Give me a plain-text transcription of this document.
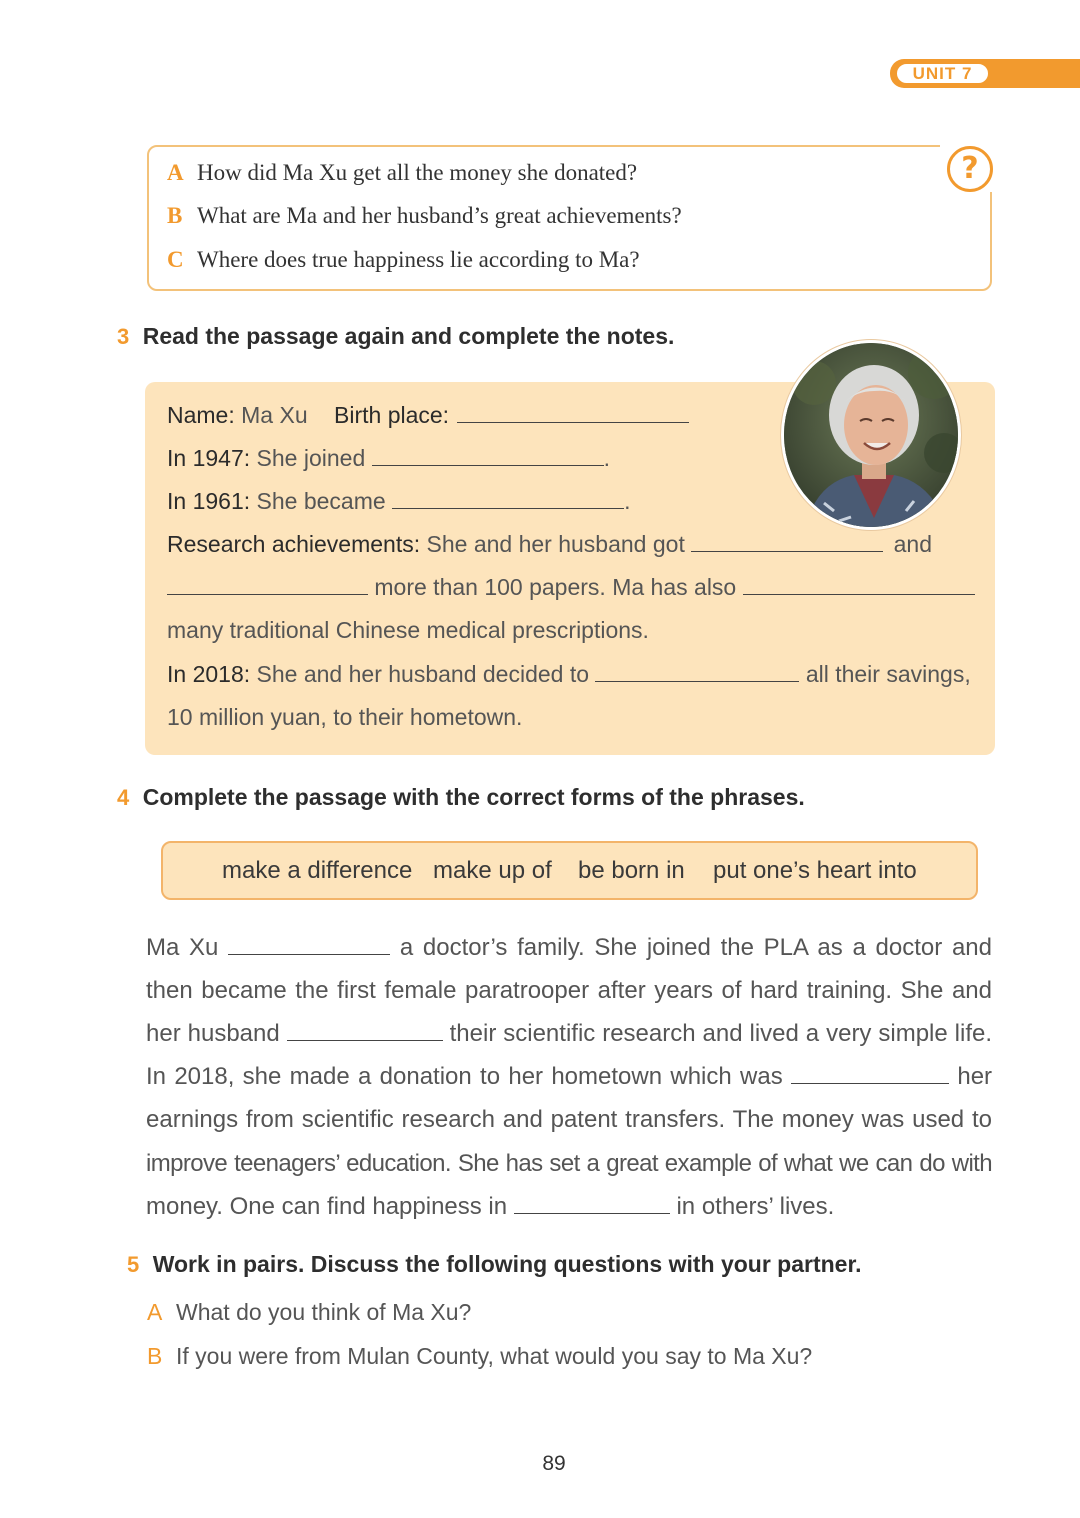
UNIT 7
?
A How did Ma Xu get all the money she donated?
B What are Ma and her husband’s great achievements?
C Where does true happiness lie according to Ma?
3 Read the passage again and complete the notes.
Name: Ma Xu Birth place:
In 1947: She joined	.
In 1961: She became	.
Research achievements: She and her husband got	and
more than 100 papers. Ma has also
many traditional Chinese medical prescriptions.
In 2018: She and her husband decided to	all their savings,
10 million yuan, to their hometown.
4 Complete the passage with the correct forms of the phrases.
make a difference make up of be born in put one’s heart into
Ma Xu	a doctor’s family. She joined the PLA as a doctor and
then became the first female paratrooper after years of hard training. She and
her husband	their scientific research and lived a very simple life.
In 2018, she made a donation to her hometown which was	her
earnings from scientific research and patent transfers. The money was used to
improve teenagers’ education. She has set a great example of what we can do with
money. One can find happiness in	in others’ lives.
5 Work in pairs. Discuss the following questions with your partner.
A What do you think of Ma Xu?
B If you were from Mulan County, what would you say to Ma Xu?
89
